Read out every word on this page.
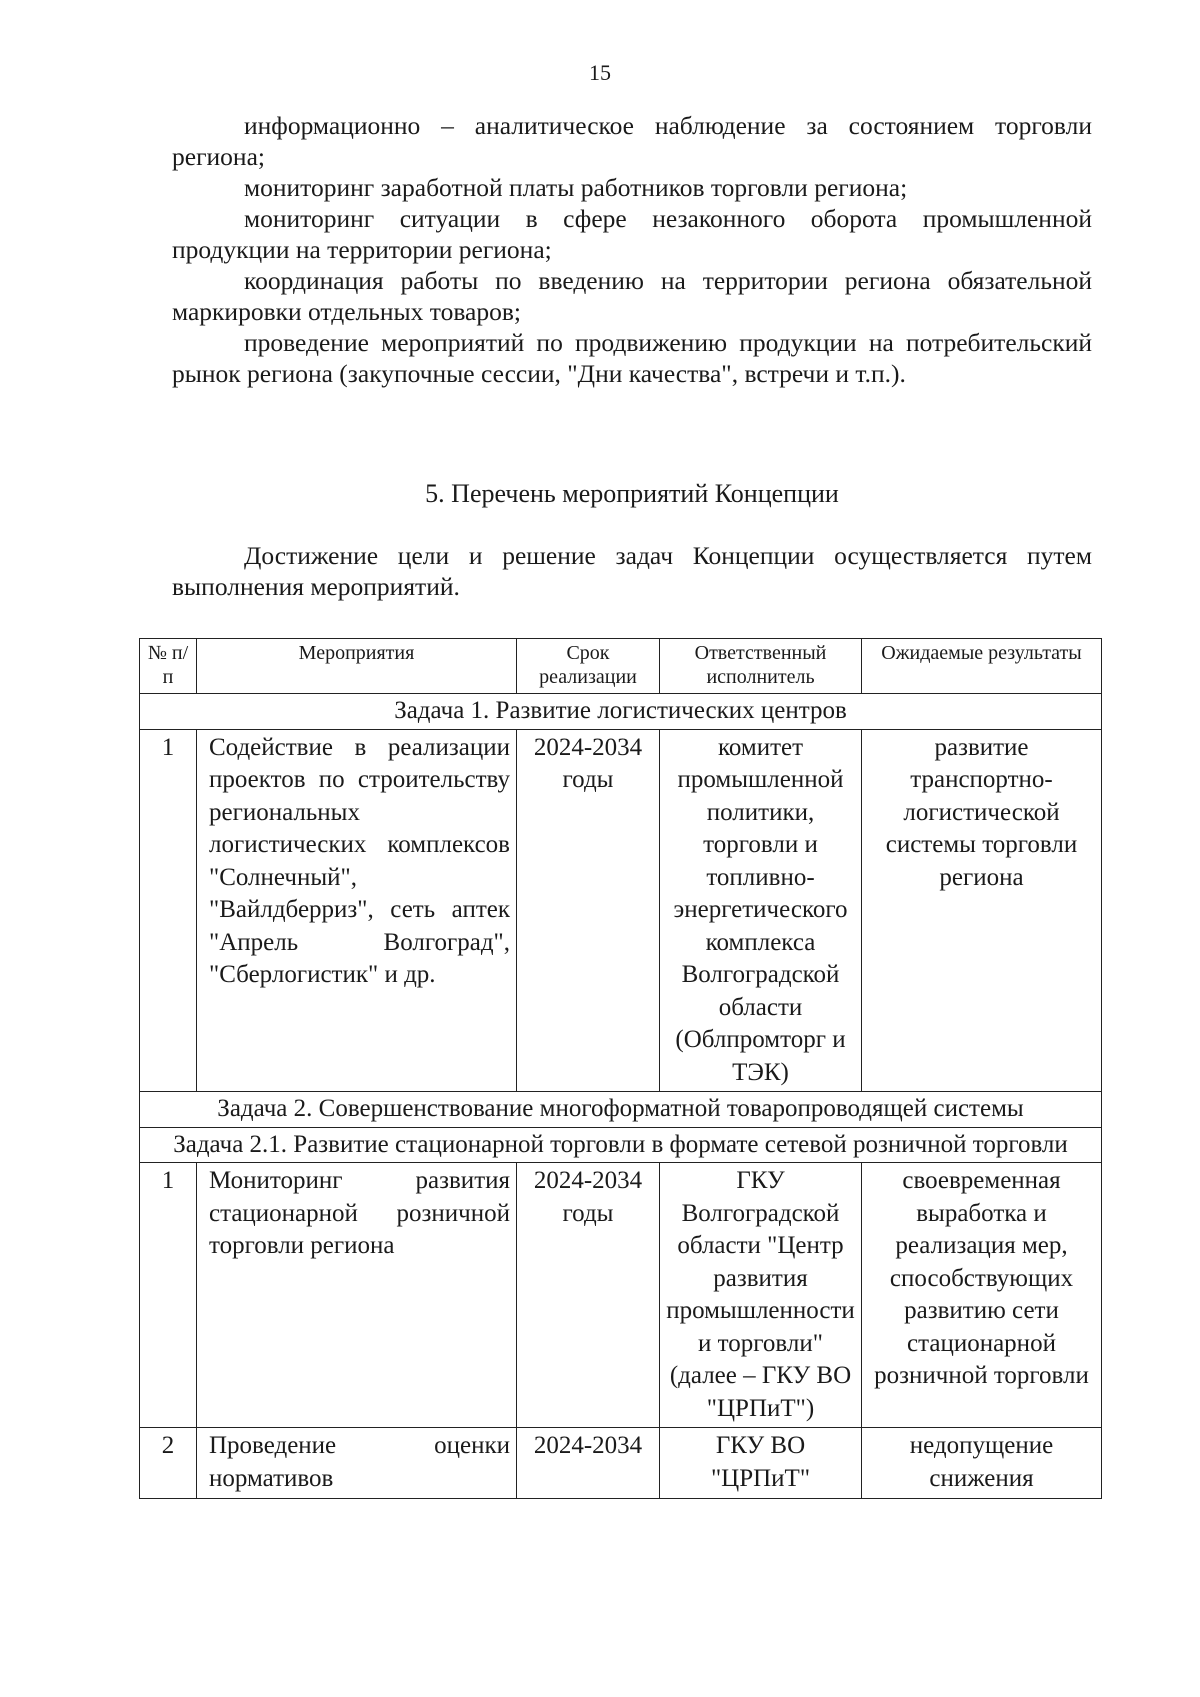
15

информационно – аналитическое наблюдение за состоянием торговли региона;

мониторинг заработной платы работников торговли региона;

мониторинг ситуации в сфере незаконного оборота промышленной продукции на территории региона;

координация работы по введению на территории региона обязательной маркировки отдельных товаров;

проведение мероприятий по продвижению продукции на потребительский рынок региона (закупочные сессии, "Дни качества", встречи и т.п.).

5. Перечень мероприятий Концепции

Достижение цели и решение задач Концепции осуществляется путем выполнения мероприятий.

№ п/п	Мероприятия	Срок реализации	Ответственный исполнитель	Ожидаемые результаты
Задача 1. Развитие логистических центров				
1	Содействие в реализации проектов по строительству региональных логистических комплексов "Солнечный", "Вайлдберриз", сеть аптек "Апрель Волгоград", "Сберлогистик" и др.	2024-2034 годы	комитет промышленной политики, торговли и топливно-энергетического комплекса Волгоградской области (Облпромторг и ТЭК)	развитие транспортно-логистической системы торговли региона
Задача 2. Совершенствование многоформатной товаропроводящей системы				
Задача 2.1. Развитие стационарной торговли в формате сетевой розничной торговли				
1	Мониторинг развития стационарной розничной торговли региона	2024-2034 годы	ГКУ Волгоградской области "Центр развития промышленности и торговли" (далее – ГКУ ВО "ЦРПиТ")	своевременная выработка и реализация мер, способствующих развитию сети стационарной розничной торговли
2	Проведение оценки нормативов	2024-2034	ГКУ ВО "ЦРПиТ"	недопущение снижения
